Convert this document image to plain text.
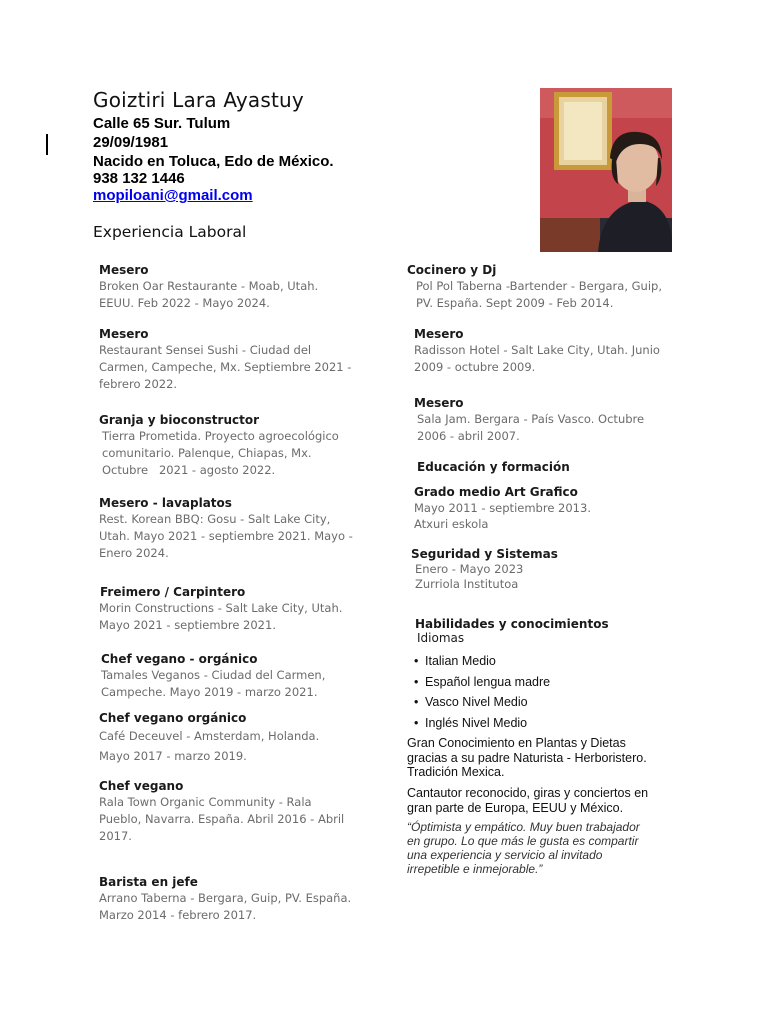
Goiztiri Lara Ayastuy
Calle 65 Sur. Tulum
29/09/1981
Nacido en Toluca, Edo de México.
938 132 1446
mopiloani@gmail.com
Experiencia Laboral
Mesero
Broken Oar Restaurante - Moab, Utah.
EEUU. Feb 2022 - Mayo 2024.
Mesero
Restaurant Sensei Sushi - Ciudad del
Carmen, Campeche, Mx. Septiembre 2021 -
febrero 2022.
Granja y bioconstructor
Tierra Prometida. Proyecto agroecológico
comunitario. Palenque, Chiapas, Mx.
Octubre   2021 - agosto 2022.
Mesero - lavaplatos
Rest. Korean BBQ: Gosu - Salt Lake City,
Utah. Mayo 2021 - septiembre 2021. Mayo -
Enero 2024.
Freimero / Carpintero
Morin Constructions - Salt Lake City, Utah.
Mayo 2021 - septiembre 2021.
Chef vegano - orgánico
Tamales Veganos - Ciudad del Carmen,
Campeche. Mayo 2019 - marzo 2021.
Chef vegano orgánico
Café Deceuvel - Amsterdam, Holanda.
Mayo 2017 - marzo 2019.
Chef vegano
Rala Town Organic Community - Rala
Pueblo, Navarra. España. Abril 2016 - Abril
2017.
Barista en jefe
Arrano Taberna - Bergara, Guip, PV. España.
Marzo 2014 - febrero 2017.
Cocinero y Dj
Pol Pol Taberna -Bartender - Bergara, Guip,
PV. España. Sept 2009 - Feb 2014.
Mesero
Radisson Hotel - Salt Lake City, Utah. Junio
2009 - octubre 2009.
Mesero
Sala Jam. Bergara - País Vasco. Octubre
2006 - abril 2007.
Educación y formación
Grado medio Art Grafico
Mayo 2011 - septiembre 2013.
Atxuri eskola
Seguridad y Sistemas
Enero - Mayo 2023
Zurriola Institutoa
Habilidades y conocimientos
Idiomas
• Italian Medio
• Español lengua madre
• Vasco Nivel Medio
• Inglés Nivel Medio
Gran Conocimiento en Plantas y Dietas
gracias a su padre Naturista - Herboristero.
Tradición Mexica.
Cantautor reconocido, giras y conciertos en
gran parte de Europa, EEUU y México.
“Óptimista y empático. Muy buen trabajador
en grupo. Lo que más le gusta es compartir
una experiencia y servicio al invitado
irrepetible e inmejorable.”
